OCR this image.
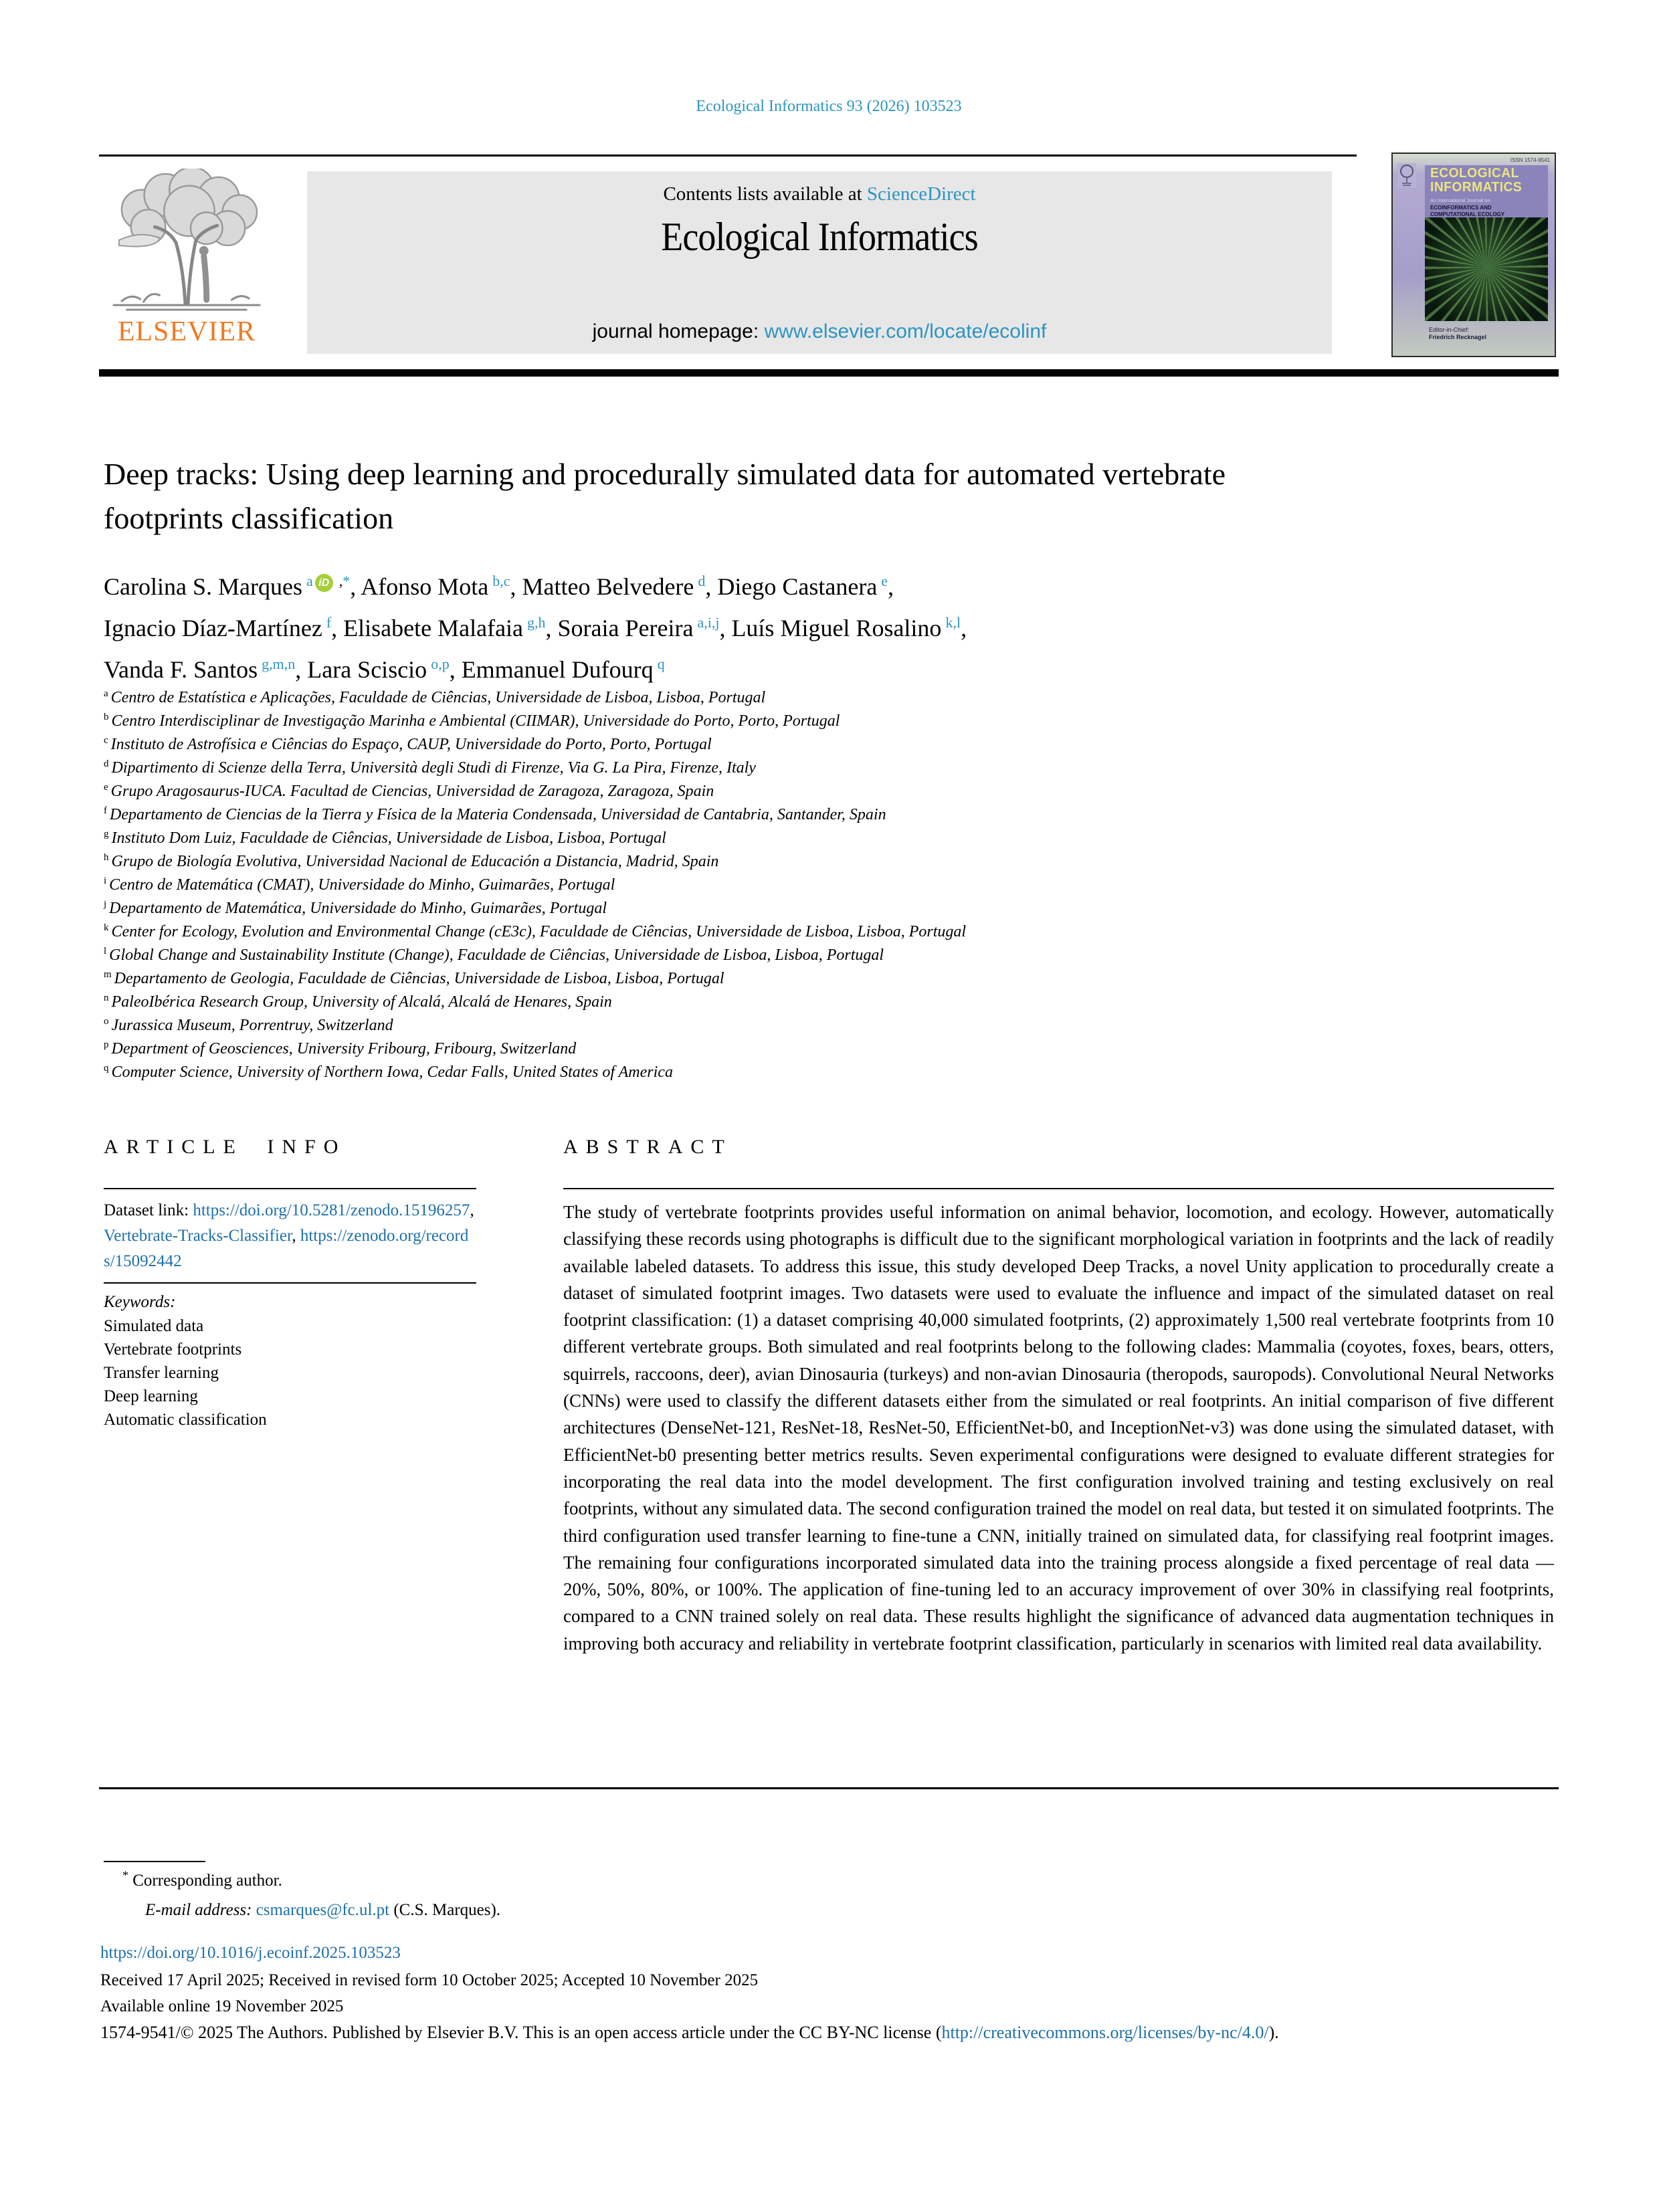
Ecological Informatics 93 (2026) 103523
ELSEVIER
Contents lists available at ScienceDirect
Ecological Informatics
journal homepage: www.elsevier.com/locate/ecolinf
ISSN 1574-9541
ECOLOGICAL
INFORMATICS
An International Journal on
ECOINFORMATICS AND
COMPUTATIONAL ECOLOGY
Editor-in-Chief:
Friedrich Recknagel
Deep tracks: Using deep learning and procedurally simulated data for automated vertebrate footprints classification
Carolina S. Marques $^a$ iD ,*, Afonso Mota $^{b,c}$, Matteo Belvedere $^d$, Diego Castanera $^e$,
Ignacio Díaz-Martínez $^f$, Elisabete Malafaia $^{g,h}$, Soraia Pereira $^{a,i,j}$, Luís Miguel Rosalino $^{k,l}$,
Vanda F. Santos $^{g,m,n}$, Lara Sciscio $^{o,p}$, Emmanuel Dufourq $^q$
$^a$ Centro de Estatística e Aplicações, Faculdade de Ciências, Universidade de Lisboa, Lisboa, Portugal
$^b$ Centro Interdisciplinar de Investigação Marinha e Ambiental (CIIMAR), Universidade do Porto, Porto, Portugal
$^c$ Instituto de Astrofísica e Ciências do Espaço, CAUP, Universidade do Porto, Porto, Portugal
$^d$ Dipartimento di Scienze della Terra, Università degli Studi di Firenze, Via G. La Pira, Firenze, Italy
$^e$ Grupo Aragosaurus-IUCA. Facultad de Ciencias, Universidad de Zaragoza, Zaragoza, Spain
$^f$ Departamento de Ciencias de la Tierra y Física de la Materia Condensada, Universidad de Cantabria, Santander, Spain
$^g$ Instituto Dom Luiz, Faculdade de Ciências, Universidade de Lisboa, Lisboa, Portugal
$^h$ Grupo de Biología Evolutiva, Universidad Nacional de Educación a Distancia, Madrid, Spain
$^i$ Centro de Matemática (CMAT), Universidade do Minho, Guimarães, Portugal
$^j$ Departamento de Matemática, Universidade do Minho, Guimarães, Portugal
$^k$ Center for Ecology, Evolution and Environmental Change (cE3c), Faculdade de Ciências, Universidade de Lisboa, Lisboa, Portugal
$^l$ Global Change and Sustainability Institute (Change), Faculdade de Ciências, Universidade de Lisboa, Lisboa, Portugal
$^m$ Departamento de Geologia, Faculdade de Ciências, Universidade de Lisboa, Lisboa, Portugal
$^n$ PaleoIbérica Research Group, University of Alcalá, Alcalá de Henares, Spain
$^o$ Jurassica Museum, Porrentruy, Switzerland
$^p$ Department of Geosciences, University Fribourg, Fribourg, Switzerland
$^q$ Computer Science, University of Northern Iowa, Cedar Falls, United States of America
ARTICLE INFO
Dataset link: https://doi.org/10.5281/zenodo.15196257, Vertebrate-Tracks-Classifier, https://zenodo.org/records/15092442
Keywords:
Simulated data
Vertebrate footprints
Transfer learning
Deep learning
Automatic classification
ABSTRACT
The study of vertebrate footprints provides useful information on animal behavior, locomotion, and ecology. However, automatically classifying these records using photographs is difficult due to the significant morphological variation in footprints and the lack of readily available labeled datasets. To address this issue, this study developed Deep Tracks, a novel Unity application to procedurally create a dataset of simulated footprint images. Two datasets were used to evaluate the influence and impact of the simulated dataset on real footprint classification: (1) a dataset comprising 40,000 simulated footprints, (2) approximately 1,500 real vertebrate footprints from 10 different vertebrate groups. Both simulated and real footprints belong to the following clades: Mammalia (coyotes, foxes, bears, otters, squirrels, raccoons, deer), avian Dinosauria (turkeys) and non-avian Dinosauria (theropods, sauropods). Convolutional Neural Networks (CNNs) were used to classify the different datasets either from the simulated or real footprints. An initial comparison of five different architectures (DenseNet-121, ResNet-18, ResNet-50, EfficientNet-b0, and InceptionNet-v3) was done using the simulated dataset, with EfficientNet-b0 presenting better metrics results. Seven experimental configurations were designed to evaluate different strategies for incorporating the real data into the model development. The first configuration involved training and testing exclusively on real footprints, without any simulated data. The second configuration trained the model on real data, but tested it on simulated footprints. The third configuration used transfer learning to fine-tune a CNN, initially trained on simulated data, for classifying real footprint images. The remaining four configurations incorporated simulated data into the training process alongside a fixed percentage of real data — 20%, 50%, 80%, or 100%. The application of fine-tuning led to an accuracy improvement of over 30% in classifying real footprints, compared to a CNN trained solely on real data. These results highlight the significance of advanced data augmentation techniques in improving both accuracy and reliability in vertebrate footprint classification, particularly in scenarios with limited real data availability.
* Corresponding author.
E-mail address: csmarques@fc.ul.pt (C.S. Marques).
https://doi.org/10.1016/j.ecoinf.2025.103523
Received 17 April 2025; Received in revised form 10 October 2025; Accepted 10 November 2025
Available online 19 November 2025
1574-9541/© 2025 The Authors. Published by Elsevier B.V. This is an open access article under the CC BY-NC license (http://creativecommons.org/licenses/by-nc/4.0/).
